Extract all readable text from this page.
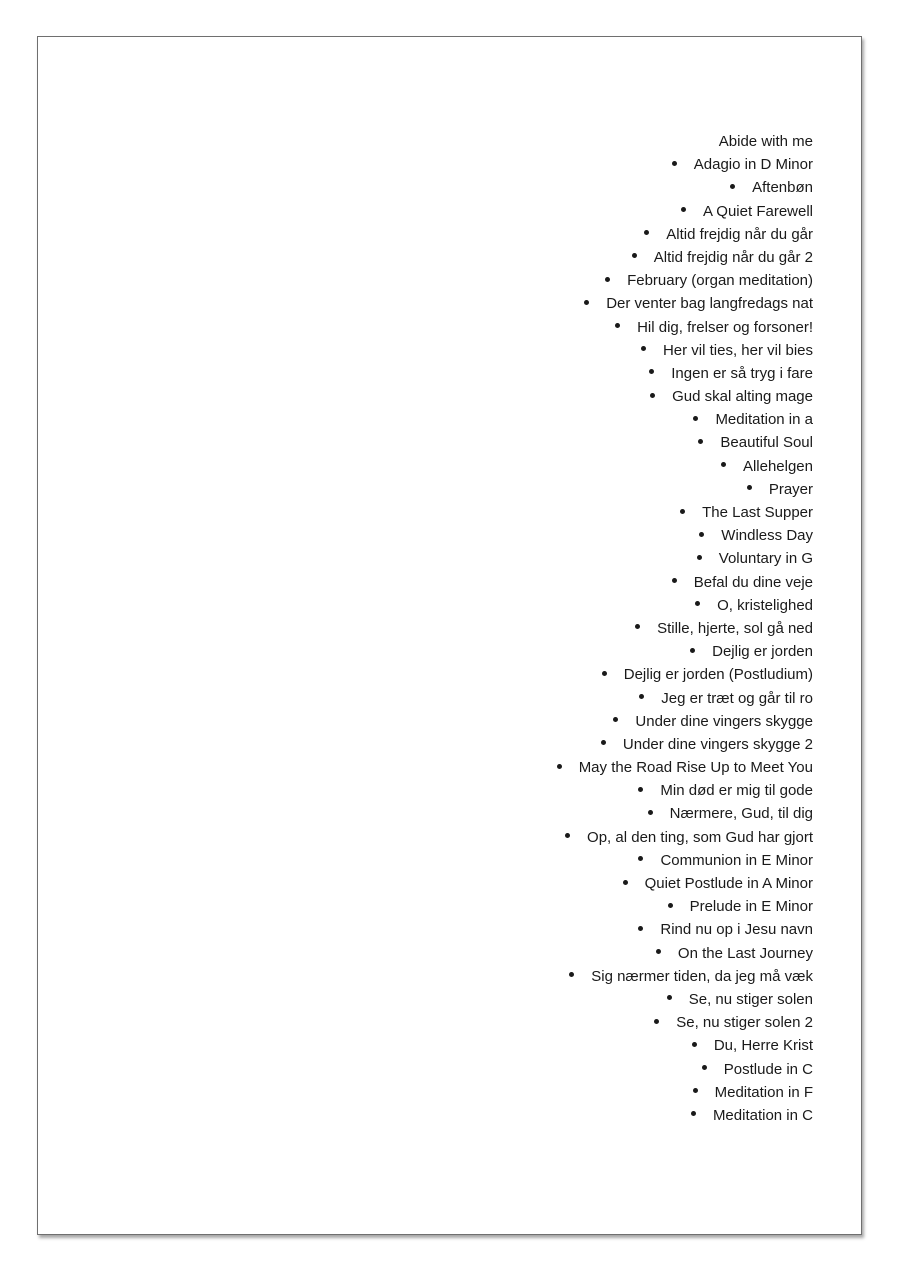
Abide with me
Adagio in D Minor
Aftenbøn
A Quiet Farewell
Altid frejdig når du går
Altid frejdig når du går 2
February (organ meditation)
Der venter bag langfredags nat
Hil dig, frelser og forsoner!
Her vil ties, her vil bies
Ingen er så tryg i fare
Gud skal alting mage
Meditation in a
Beautiful Soul
Allehelgen
Prayer
The Last Supper
Windless Day
Voluntary in G
Befal du dine veje
O, kristelighed
Stille, hjerte, sol gå ned
Dejlig er jorden
Dejlig er jorden (Postludium)
Jeg er træt og går til ro
Under dine vingers skygge
Under dine vingers skygge 2
May the Road Rise Up to Meet You
Min død er mig til gode
Nærmere, Gud, til dig
Op, al den ting, som Gud har gjort
Communion in E Minor
Quiet Postlude in A Minor
Prelude in E Minor
Rind nu op i Jesu navn
On the Last Journey
Sig nærmer tiden, da jeg må væk
Se, nu stiger solen
Se, nu stiger solen 2
Du, Herre Krist
Postlude in C
Meditation in F
Meditation in C
